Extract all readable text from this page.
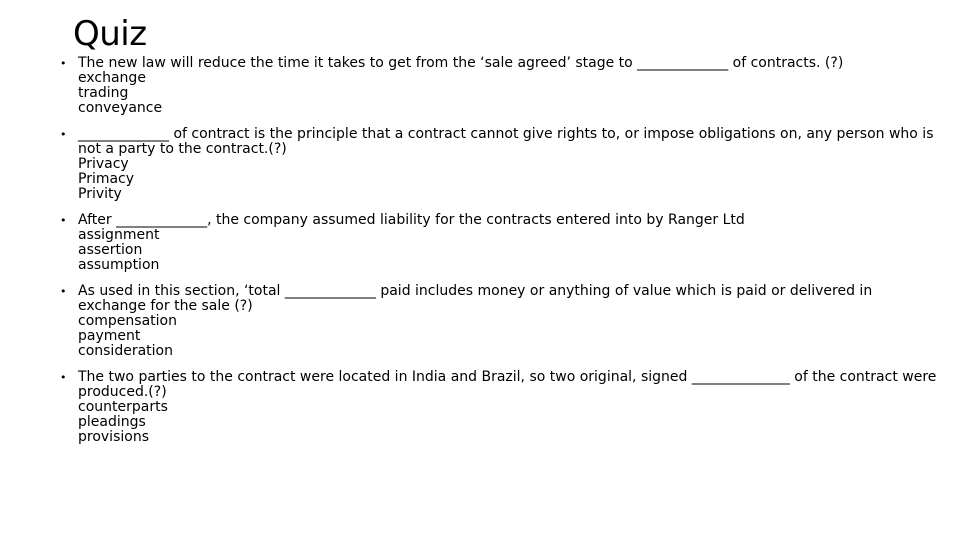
Quiz
• The new law will reduce the time it takes to get from the ‘sale agreed’ stage to _____________ of contracts. (?)

exchange
trading
conveyance
• _____________ of contract is the principle that a contract cannot give rights to, or impose obligations on, any person who is not a party to the contract.(?)

Privacy
Primacy
Privity
• After _____________, the company assumed liability for the contracts entered into by Ranger Ltd

assignment
assertion
assumption
• As used in this section, ‘total _____________ paid includes money or anything of value which is paid or delivered in exchange for the sale (?)

compensation
payment
consideration
• The two parties to the contract were located in India and Brazil, so two original, signed ______________ of the contract were produced.(?)

counterparts
pleadings
provisions
